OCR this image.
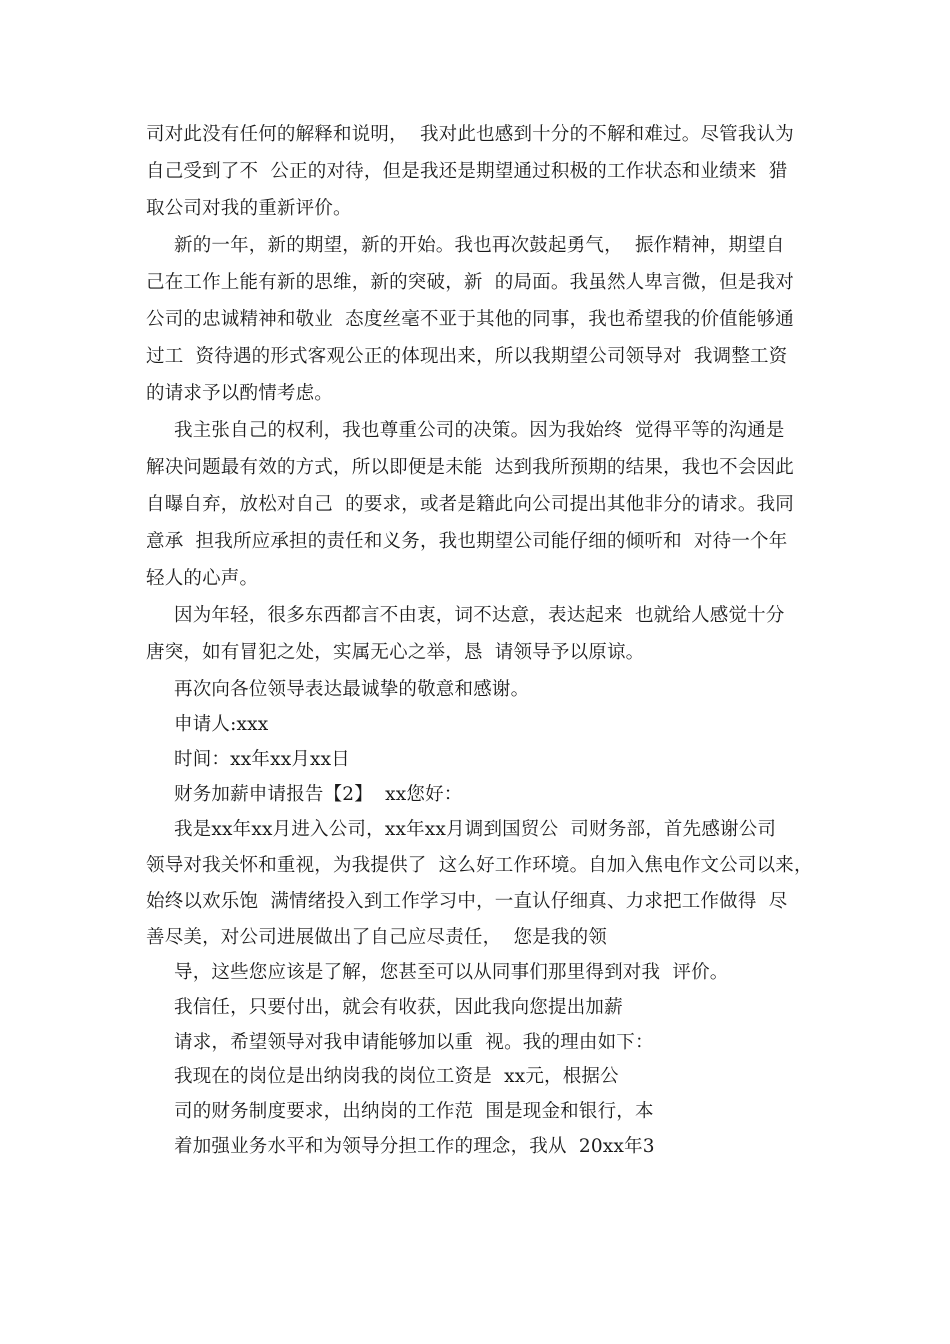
司对此没有任何的解释和说明，  我对此也感到十分的不解和难过。尽管我认为
自己受到了不  公正的对待，但是我还是期望通过积极的工作状态和业绩来  猎
取公司对我的重新评价。
新的一年，新的期望，新的开始。我也再次鼓起勇气，  振作精神，期望自
己在工作上能有新的思维，新的突破，新  的局面。我虽然人卑言微，但是我对
公司的忠诚精神和敬业  态度丝毫不亚于其他的同事，我也希望我的价值能够通
过工  资待遇的形式客观公正的体现出来，所以我期望公司领导对  我调整工资
的请求予以酌情考虑。
我主张自己的权利，我也尊重公司的决策。因为我始终  觉得平等的沟通是
解决问题最有效的方式，所以即便是未能  达到我所预期的结果，我也不会因此
自曝自弃，放松对自己  的要求，或者是籍此向公司提出其他非分的请求。我同
意承  担我所应承担的责任和义务，我也期望公司能仔细的倾听和  对待一个年
轻人的心声。
因为年轻，很多东西都言不由衷，词不达意，表达起来  也就给人感觉十分
唐突，如有冒犯之处，实属无心之举，恳  请领导予以原谅。
再次向各位领导表达最诚挚的敬意和感谢。
申请人:xxx
时间：xx年xx月xx日
财务加薪申请报告【2】  xx您好：
我是xx年xx月进入公司，xx年xx月调到国贸公  司财务部，首先感谢公司
领导对我关怀和重视，为我提供了  这么好工作环境。自加入焦电作文公司以来，
始终以欢乐饱  满情绪投入到工作学习中，一直认仔细真、力求把工作做得  尽
善尽美，对公司进展做出了自己应尽责任，  您是我的领
导，这些您应该是了解，您甚至可以从同事们那里得到对我  评价。
我信任，只要付出，就会有收获，因此我向您提出加薪
请求，希望领导对我申请能够加以重  视。我的理由如下：
我现在的岗位是出纳岗我的岗位工资是  xx元，根据公
司的财务制度要求，出纳岗的工作范  围是现金和银行，本
着加强业务水平和为领导分担工作的理念，我从  20xx年3
